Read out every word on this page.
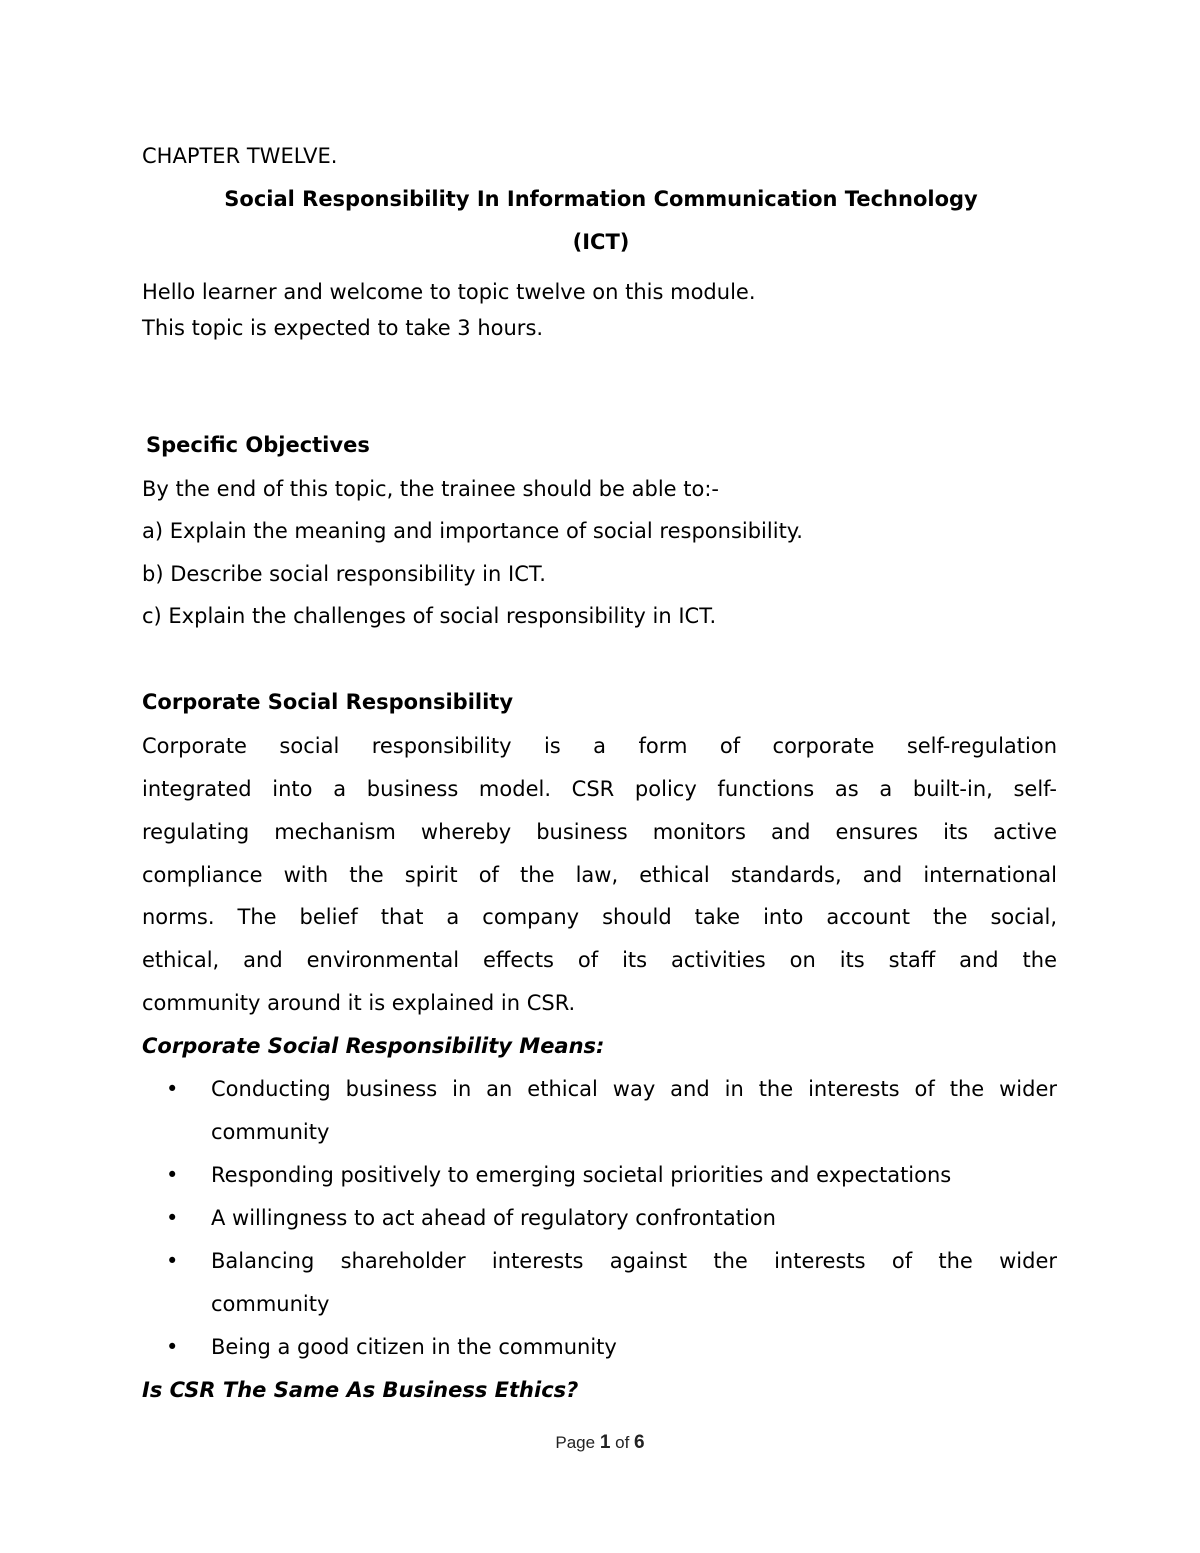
CHAPTER TWELVE.
Social Responsibility In Information Communication Technology
(ICT)
Hello learner and welcome to topic twelve on this module.
This topic is expected to take 3 hours.
Specific Objectives
By the end of this topic, the trainee should be able to:-
a) Explain the meaning and importance of social responsibility.
b) Describe social responsibility in ICT.
c) Explain the challenges of social responsibility in ICT.
Corporate Social Responsibility
Corporate social responsibility is a form of corporate self-regulation
integrated into a business model. CSR policy functions as a built-in, self-
regulating mechanism whereby business monitors and ensures its active
compliance with the spirit of the law, ethical standards, and international
norms. The belief that a company should take into account the social,
ethical, and environmental effects of its activities on its staff and the
community around it is explained in CSR.
Corporate Social Responsibility Means:
• Conducting business in an ethical way and in the interests of the wider
community
• Responding positively to emerging societal priorities and expectations
• A willingness to act ahead of regulatory confrontation
• Balancing shareholder interests against the interests of the wider
community
• Being a good citizen in the community
Is CSR The Same As Business Ethics?
Page 1 of 6
